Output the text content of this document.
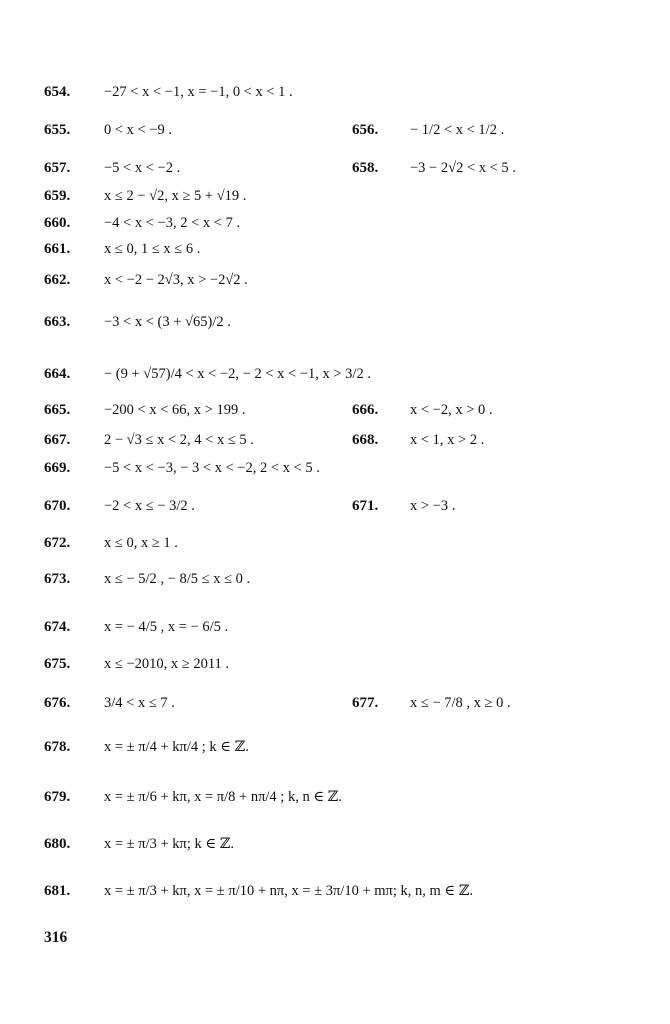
654. −27 < x < −1, x = −1, 0 < x < 1 .
655. 0 < x < −9 .	656. − 1/2 < x < 1/2 .
657. −5 < x < −2 .	658. −3 − 2√2 < x < 5 .
659. x ≤ 2 − √2, x ≥ 5 + √19 .
660. −4 < x < −3, 2 < x < 7 .
661. x ≤ 0, 1 ≤ x ≤ 6 .
662. x < −2 − 2√3, x > −2√2 .
663. −3 < x < (3 + √65)/2 .
664. − (9 + √57)/4 < x < −2, − 2 < x < −1, x > 3/2 .
665. −200 < x < 66, x > 199 .	666. x < −2, x > 0 .
667. 2 − √3 ≤ x < 2, 4 < x ≤ 5 .	668. x < 1, x > 2 .
669. −5 < x < −3, − 3 < x < −2, 2 < x < 5 .
670. −2 < x ≤ − 3/2 .	671. x > −3 .
672. x ≤ 0, x ≥ 1 .
673. x ≤ − 5/2 , − 8/5 ≤ x ≤ 0 .
674. x = − 4/5 , x = − 6/5 .
675. x ≤ −2010, x ≥ 2011 .
676. 3/4 < x ≤ 7 .	677. x ≤ − 7/8 , x ≥ 0 .
678. x = ± π/4 + kπ/4 ; k ∈ ℤ.
679. x = ± π/6 + kπ, x = π/8 + nπ/4 ; k, n ∈ ℤ.
680. x = ± π/3 + kπ; k ∈ ℤ.
681. x = ± π/3 + kπ, x = ± π/10 + nπ, x = ± 3π/10 + mπ; k, n, m ∈ ℤ.
316
